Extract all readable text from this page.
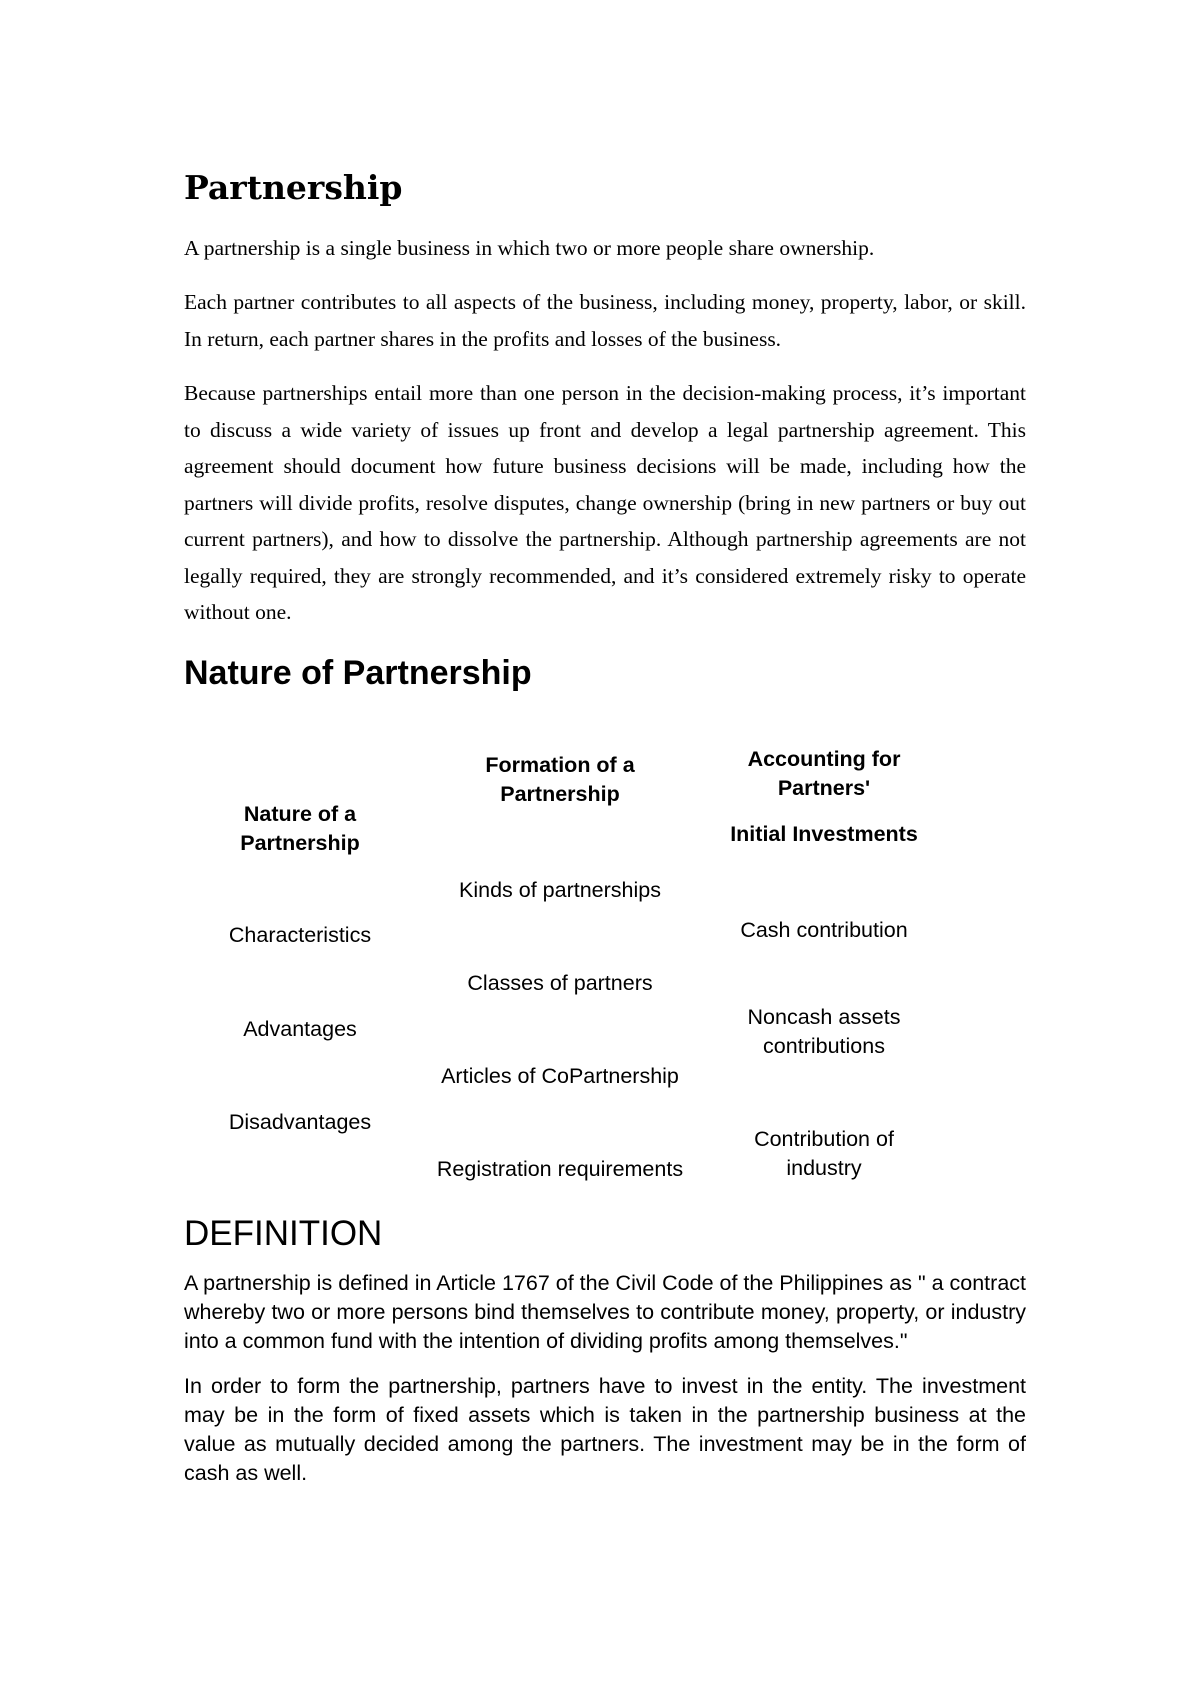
Partnership

A partnership is a single business in which two or more people share ownership.

Each partner contributes to all aspects of the business, including money, property, labor, or skill. In return, each partner shares in the profits and losses of the business.

Because partnerships entail more than one person in the decision-making process, it’s important to discuss a wide variety of issues up front and develop a legal partnership agreement. This agreement should document how future business decisions will be made, including how the partners will divide profits, resolve disputes, change ownership (bring in new partners or buy out current partners), and how to dissolve the partnership. Although partnership agreements are not legally required, they are strongly recommended, and it’s considered extremely risky to operate without one.

Nature of Partnership
Nature of a Partnership
Characteristics
Advantages
Disadvantages
Formation of a Partnership
Kinds of partnerships
Classes of partners
Articles of CoPartnership
Registration requirements
Accounting for Partners'
Initial Investments
Cash contribution
Noncash assets contributions
Contribution of industry
DEFINITION

A partnership is defined in Article 1767 of the Civil Code of the Philippines as " a contract whereby two or more persons bind themselves to contribute money, property, or industry into a common fund with the intention of dividing profits among themselves."

In order to form the partnership, partners have to invest in the entity. The investment may be in the form of fixed assets which is taken in the partnership business at the value as mutually decided among the partners. The investment may be in the form of cash as well.
